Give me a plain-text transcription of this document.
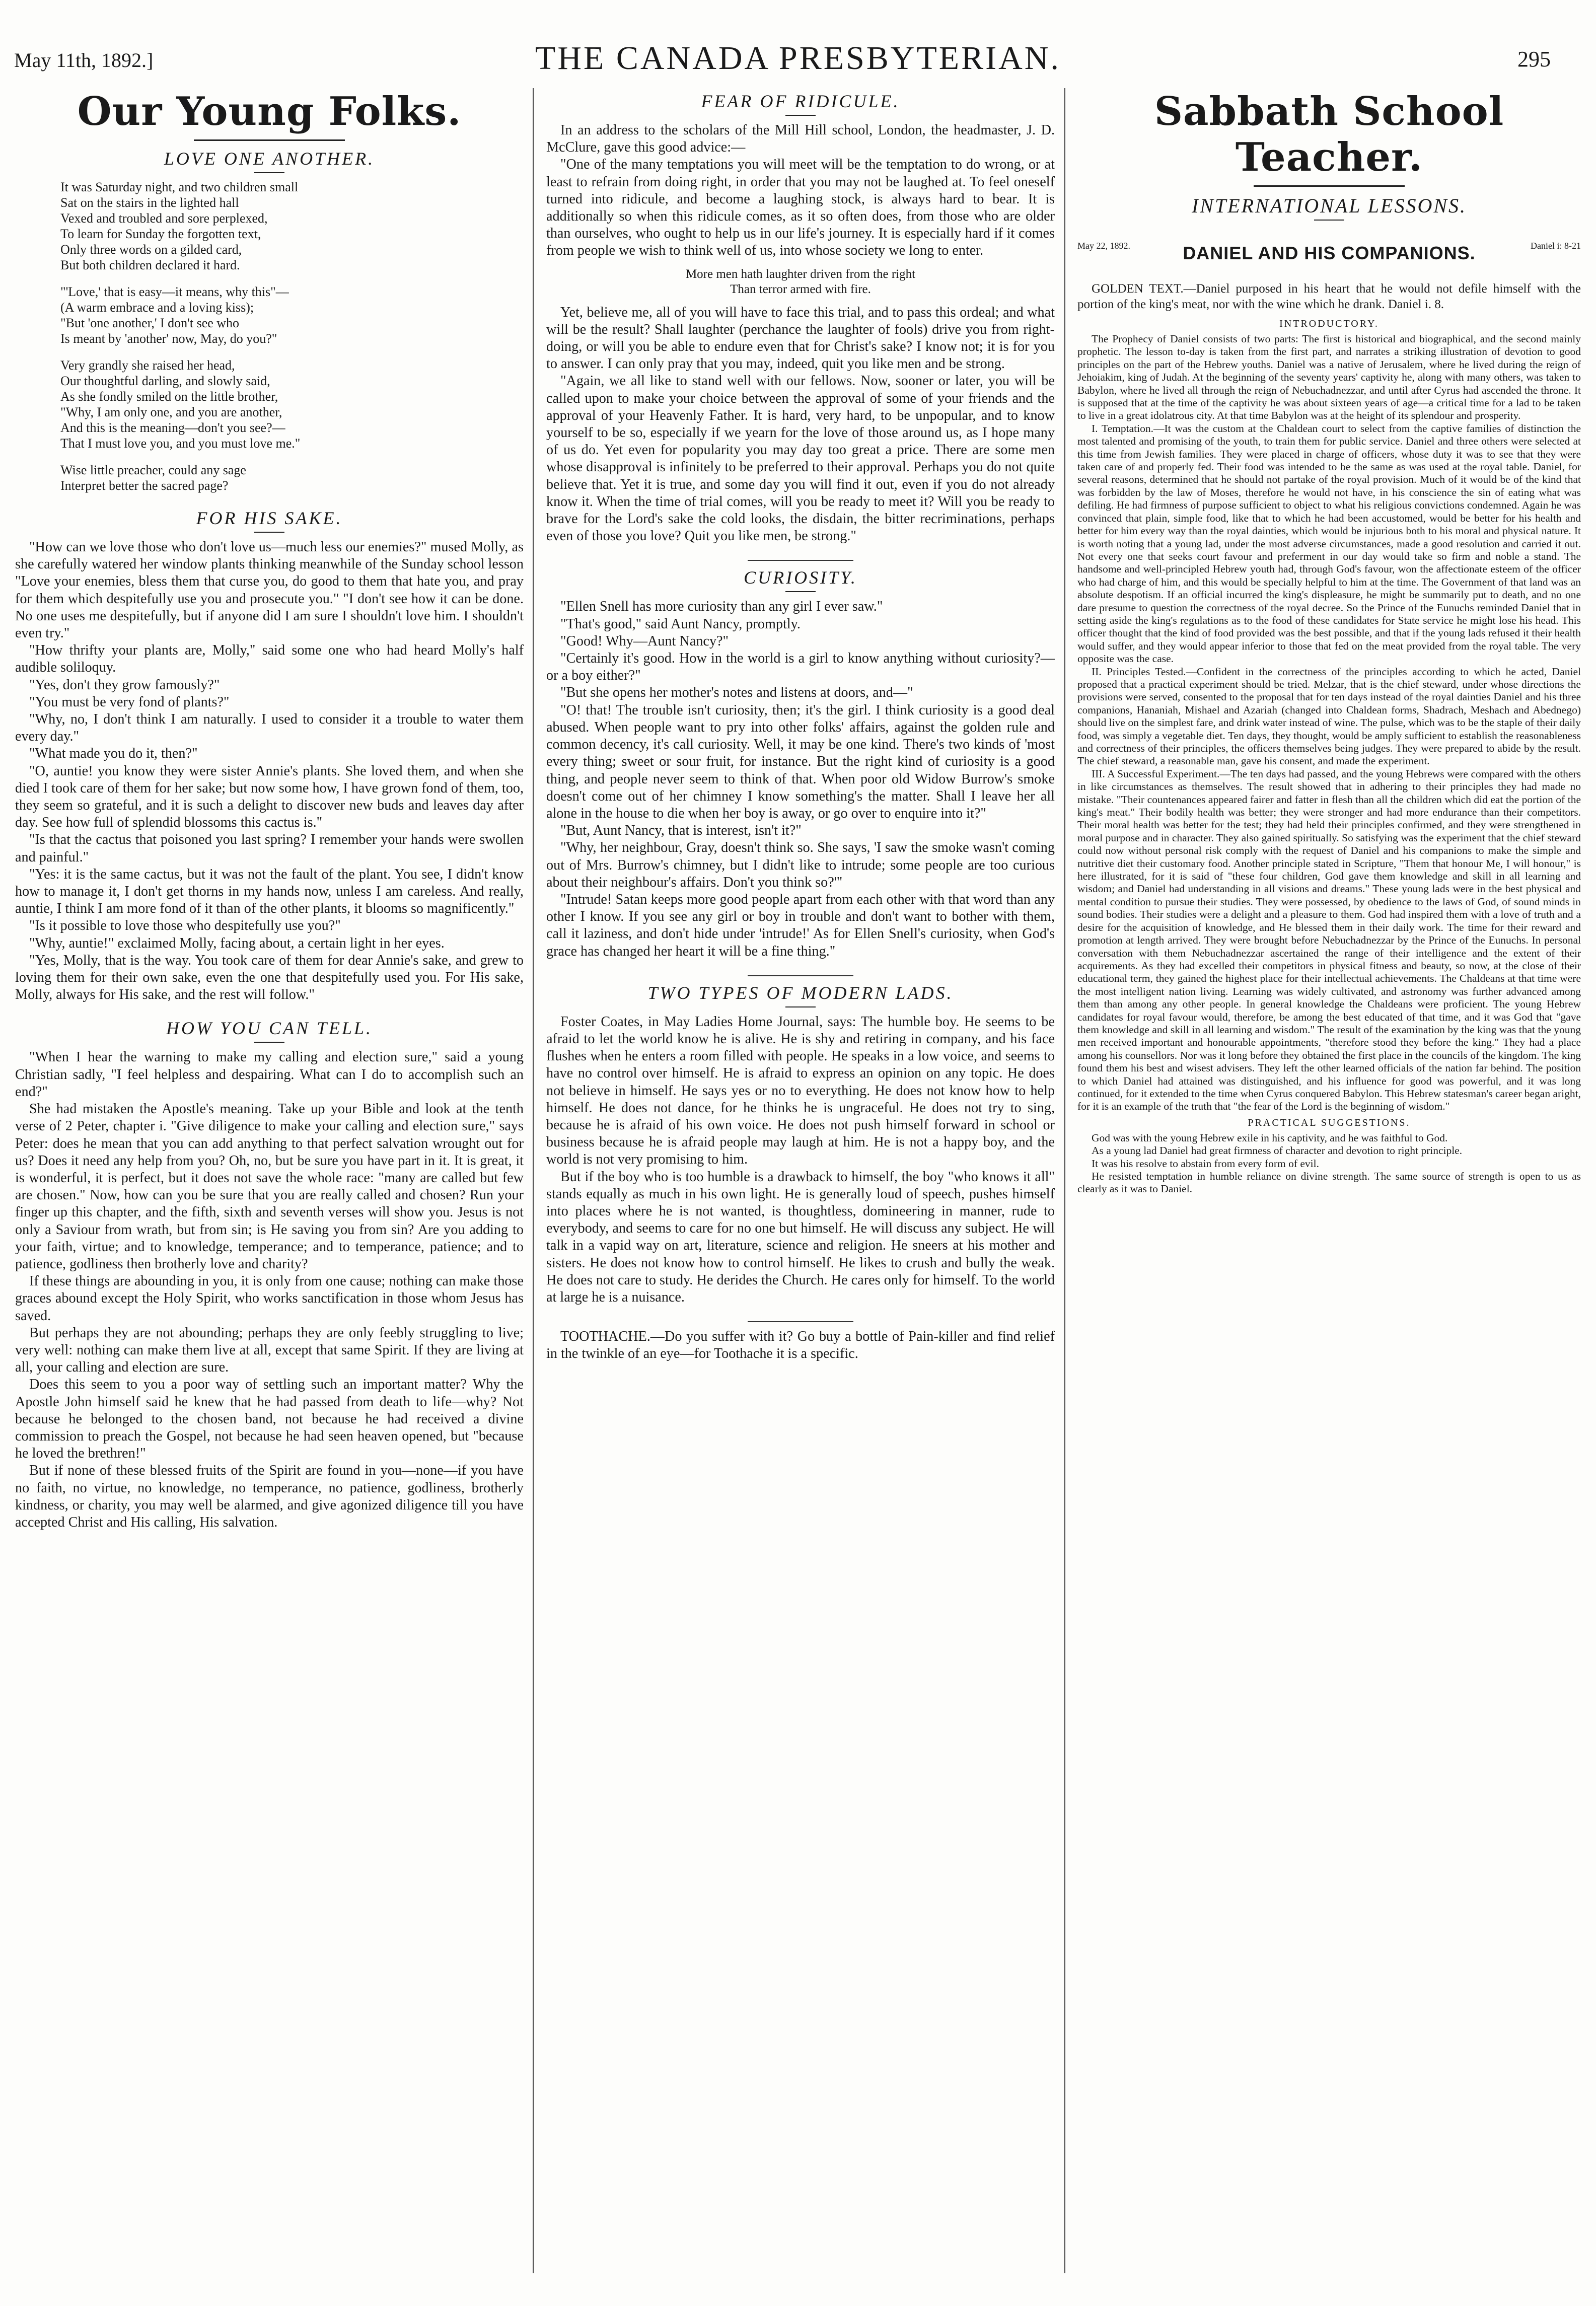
May 11th, 1892.]	THE CANADA PRESBYTERIAN.	295
Our Young Folks.
LOVE ONE ANOTHER.
It was Saturday night, and two children small
Sat on the stairs in the lighted hall
Vexed and troubled and sore perplexed,
To learn for Sunday the forgotten text,
Only three words on a gilded card,
But both children declared it hard.
"'Love,' that is easy—it means, why this"—
(A warm embrace and a loving kiss);
"But 'one another,' I don't see who
Is meant by 'another' now, May, do you?"
Very grandly she raised her head,
Our thoughtful darling, and slowly said,
As she fondly smiled on the little brother,
"Why, I am only one, and you are another,
And this is the meaning—don't you see?—
That I must love you, and you must love me."
Wise little preacher, could any sage
Interpret better the sacred page?
FOR HIS SAKE.

"How can we love those who don't love us—much less our enemies?" mused Molly, as she carefully watered her window plants thinking meanwhile of the Sunday school lesson "Love your enemies, bless them that curse you, do good to them that hate you, and pray for them which despitefully use you and prosecute you." "I don't see how it can be done. No one uses me despitefully, but if anyone did I am sure I shouldn't love him. I shouldn't even try."

"How thrifty your plants are, Molly," said some one who had heard Molly's half audible soliloquy.

"Yes, don't they grow famously?"

"You must be very fond of plants?"

"Why, no, I don't think I am naturally. I used to consider it a trouble to water them every day."

"What made you do it, then?"

"O, auntie! you know they were sister Annie's plants. She loved them, and when she died I took care of them for her sake; but now some how, I have grown fond of them, too, they seem so grateful, and it is such a delight to discover new buds and leaves day after day. See how full of splendid blossoms this cactus is."

"Is that the cactus that poisoned you last spring? I remember your hands were swollen and painful."

"Yes: it is the same cactus, but it was not the fault of the plant. You see, I didn't know how to manage it, I don't get thorns in my hands now, unless I am careless. And really, auntie, I think I am more fond of it than of the other plants, it blooms so magnificently."

"Is it possible to love those who despitefully use you?"

"Why, auntie!" exclaimed Molly, facing about, a certain light in her eyes.

"Yes, Molly, that is the way. You took care of them for dear Annie's sake, and grew to loving them for their own sake, even the one that despitefully used you. For His sake, Molly, always for His sake, and the rest will follow."

HOW YOU CAN TELL.

"When I hear the warning to make my calling and election sure," said a young Christian sadly, "I feel helpless and despairing. What can I do to accomplish such an end?"

She had mistaken the Apostle's meaning. Take up your Bible and look at the tenth verse of 2 Peter, chapter i. "Give diligence to make your calling and election sure," says Peter: does he mean that you can add anything to that perfect salvation wrought out for us? Does it need any help from you? Oh, no, but be sure you have part in it. It is great, it is wonderful, it is perfect, but it does not save the whole race: "many are called but few are chosen." Now, how can you be sure that you are really called and chosen? Run your finger up this chapter, and the fifth, sixth and seventh verses will show you. Jesus is not only a Saviour from wrath, but from sin; is He saving you from sin? Are you adding to your faith, virtue; and to knowledge, temperance; and to temperance, patience; and to patience, godliness then brotherly love and charity?

If these things are abounding in you, it is only from one cause; nothing can make those graces abound except the Holy Spirit, who works sanctification in those whom Jesus has saved.

But perhaps they are not abounding; perhaps they are only feebly struggling to live; very well: nothing can make them live at all, except that same Spirit. If they are living at all, your calling and election are sure.

Does this seem to you a poor way of settling such an important matter? Why the Apostle John himself said he knew that he had passed from death to life—why? Not because he belonged to the chosen band, not because he had received a divine commission to preach the Gospel, not because he had seen heaven opened, but "because he loved the brethren!"

But if none of these blessed fruits of the Spirit are found in you—none—if you have no faith, no virtue, no knowledge, no temperance, no patience, godliness, brotherly kindness, or charity, you may well be alarmed, and give agonized diligence till you have accepted Christ and His calling, His salvation.

FEAR OF RIDICULE.

In an address to the scholars of the Mill Hill school, London, the headmaster, J. D. McClure, gave this good advice:—

"One of the many temptations you will meet will be the temptation to do wrong, or at least to refrain from doing right, in order that you may not be laughed at. To feel oneself turned into ridicule, and become a laughing stock, is always hard to bear. It is additionally so when this ridicule comes, as it so often does, from those who are older than ourselves, who ought to help us in our life's journey. It is especially hard if it comes from people we wish to think well of us, into whose society we long to enter.

More men hath laughter driven from the right
Than terror armed with fire.

Yet, believe me, all of you will have to face this trial, and to pass this ordeal; and what will be the result? Shall laughter (perchance the laughter of fools) drive you from right-doing, or will you be able to endure even that for Christ's sake? I know not; it is for you to answer. I can only pray that you may, indeed, quit you like men and be strong.

"Again, we all like to stand well with our fellows. Now, sooner or later, you will be called upon to make your choice between the approval of some of your friends and the approval of your Heavenly Father. It is hard, very hard, to be unpopular, and to know yourself to be so, especially if we yearn for the love of those around us, as I hope many of us do. Yet even for popularity you may day too great a price. There are some men whose disapproval is infinitely to be preferred to their approval. Perhaps you do not quite believe that. Yet it is true, and some day you will find it out, even if you do not already know it. When the time of trial comes, will you be ready to meet it? Will you be ready to brave for the Lord's sake the cold looks, the disdain, the bitter recriminations, perhaps even of those you love? Quit you like men, be strong."

CURIOSITY.

"Ellen Snell has more curiosity than any girl I ever saw."

"That's good," said Aunt Nancy, promptly.

"Good! Why—Aunt Nancy?"

"Certainly it's good. How in the world is a girl to know anything without curiosity?—or a boy either?"

"But she opens her mother's notes and listens at doors, and—"

"O! that! The trouble isn't curiosity, then; it's the girl. I think curiosity is a good deal abused. When people want to pry into other folks' affairs, against the golden rule and common decency, it's call curiosity. Well, it may be one kind. There's two kinds of 'most every thing; sweet or sour fruit, for instance. But the right kind of curiosity is a good thing, and people never seem to think of that. When poor old Widow Burrow's smoke doesn't come out of her chimney I know something's the matter. Shall I leave her all alone in the house to die when her boy is away, or go over to enquire into it?"

"But, Aunt Nancy, that is interest, isn't it?"

"Why, her neighbour, Gray, doesn't think so. She says, 'I saw the smoke wasn't coming out of Mrs. Burrow's chimney, but I didn't like to intrude; some people are too curious about their neighbour's affairs. Don't you think so?'"

"Intrude! Satan keeps more good people apart from each other with that word than any other I know. If you see any girl or boy in trouble and don't want to bother with them, call it laziness, and don't hide under 'intrude!' As for Ellen Snell's curiosity, when God's grace has changed her heart it will be a fine thing."

TWO TYPES OF MODERN LADS.

Foster Coates, in May Ladies Home Journal, says: The humble boy. He seems to be afraid to let the world know he is alive. He is shy and retiring in company, and his face flushes when he enters a room filled with people. He speaks in a low voice, and seems to have no control over himself. He is afraid to express an opinion on any topic. He does not believe in himself. He says yes or no to everything. He does not know how to help himself. He does not dance, for he thinks he is ungraceful. He does not try to sing, because he is afraid of his own voice. He does not push himself forward in school or business because he is afraid people may laugh at him. He is not a happy boy, and the world is not very promising to him.

But if the boy who is too humble is a drawback to himself, the boy "who knows it all" stands equally as much in his own light. He is generally loud of speech, pushes himself into places where he is not wanted, is thoughtless, domineering in manner, rude to everybody, and seems to care for no one but himself. He will discuss any subject. He will talk in a vapid way on art, literature, science and religion. He sneers at his mother and sisters. He does not know how to control himself. He likes to crush and bully the weak. He does not care to study. He derides the Church. He cares only for himself. To the world at large he is a nuisance.

TOOTHACHE.—Do you suffer with it? Go buy a bottle of Pain-killer and find relief in the twinkle of an eye—for Toothache it is a specific.

Sabbath School Teacher.
INTERNATIONAL LESSONS.
May 22, 1892.	DANIEL AND HIS COMPANIONS.	Daniel i: 8-21

GOLDEN TEXT.—Daniel purposed in his heart that he would not defile himself with the portion of the king's meat, nor with the wine which he drank. Daniel i. 8.

INTRODUCTORY.

The Prophecy of Daniel consists of two parts: The first is historical and biographical, and the second mainly prophetic. The lesson to-day is taken from the first part, and narrates a striking illustration of devotion to good principles on the part of the Hebrew youths. Daniel was a native of Jerusalem, where he lived during the reign of Jehoiakim, king of Judah. At the beginning of the seventy years' captivity he, along with many others, was taken to Babylon, where he lived all through the reign of Nebuchadnezzar, and until after Cyrus had ascended the throne. It is supposed that at the time of the captivity he was about sixteen years of age—a critical time for a lad to be taken to live in a great idolatrous city. At that time Babylon was at the height of its splendour and prosperity.

I. Temptation.—It was the custom at the Chaldean court to select from the captive families of distinction the most talented and promising of the youth, to train them for public service. Daniel and three others were selected at this time from Jewish families. They were placed in charge of officers, whose duty it was to see that they were taken care of and properly fed. Their food was intended to be the same as was used at the royal table. Daniel, for several reasons, determined that he should not partake of the royal provision. Much of it would be of the kind that was forbidden by the law of Moses, therefore he would not have, in his conscience the sin of eating what was defiling. He had firmness of purpose sufficient to object to what his religious convictions condemned. Again he was convinced that plain, simple food, like that to which he had been accustomed, would be better for his health and better for him every way than the royal dainties, which would be injurious both to his moral and physical nature. It is worth noting that a young lad, under the most adverse circumstances, made a good resolution and carried it out. Not every one that seeks court favour and preferment in our day would take so firm and noble a stand. The handsome and well-principled Hebrew youth had, through God's favour, won the affectionate esteem of the officer who had charge of him, and this would be specially helpful to him at the time. The Government of that land was an absolute despotism. If an official incurred the king's displeasure, he might be summarily put to death, and no one dare presume to question the correctness of the royal decree. So the Prince of the Eunuchs reminded Daniel that in setting aside the king's regulations as to the food of these candidates for State service he might lose his head. This officer thought that the kind of food provided was the best possible, and that if the young lads refused it their health would suffer, and they would appear inferior to those that fed on the meat provided from the royal table. The very opposite was the case.

II. Principles Tested.—Confident in the correctness of the principles according to which he acted, Daniel proposed that a practical experiment should be tried. Melzar, that is the chief steward, under whose directions the provisions were served, consented to the proposal that for ten days instead of the royal dainties Daniel and his three companions, Hananiah, Mishael and Azariah (changed into Chaldean forms, Shadrach, Meshach and Abednego) should live on the simplest fare, and drink water instead of wine. The pulse, which was to be the staple of their daily food, was simply a vegetable diet. Ten days, they thought, would be amply sufficient to establish the reasonableness and correctness of their principles, the officers themselves being judges. They were prepared to abide by the result. The chief steward, a reasonable man, gave his consent, and made the experiment.

III. A Successful Experiment.—The ten days had passed, and the young Hebrews were compared with the others in like circumstances as themselves. The result showed that in adhering to their principles they had made no mistake. "Their countenances appeared fairer and fatter in flesh than all the children which did eat the portion of the king's meat." Their bodily health was better; they were stronger and had more endurance than their competitors. Their moral health was better for the test; they had held their principles confirmed, and they were strengthened in moral purpose and in character. They also gained spiritually. So satisfying was the experiment that the chief steward could now without personal risk comply with the request of Daniel and his companions to make the simple and nutritive diet their customary food. Another principle stated in Scripture, "Them that honour Me, I will honour," is here illustrated, for it is said of "these four children, God gave them knowledge and skill in all learning and wisdom; and Daniel had understanding in all visions and dreams." These young lads were in the best physical and mental condition to pursue their studies. They were possessed, by obedience to the laws of God, of sound minds in sound bodies. Their studies were a delight and a pleasure to them. God had inspired them with a love of truth and a desire for the acquisition of knowledge, and He blessed them in their daily work. The time for their reward and promotion at length arrived. They were brought before Nebuchadnezzar by the Prince of the Eunuchs. In personal conversation with them Nebuchadnezzar ascertained the range of their intelligence and the extent of their acquirements. As they had excelled their competitors in physical fitness and beauty, so now, at the close of their educational term, they gained the highest place for their intellectual achievements. The Chaldeans at that time were the most intelligent nation living. Learning was widely cultivated, and astronomy was further advanced among them than among any other people. In general knowledge the Chaldeans were proficient. The young Hebrew candidates for royal favour would, therefore, be among the best educated of that time, and it was God that "gave them knowledge and skill in all learning and wisdom." The result of the examination by the king was that the young men received important and honourable appointments, "therefore stood they before the king." They had a place among his counsellors. Nor was it long before they obtained the first place in the councils of the kingdom. The king found them his best and wisest advisers. They left the other learned officials of the nation far behind. The position to which Daniel had attained was distinguished, and his influence for good was powerful, and it was long continued, for it extended to the time when Cyrus conquered Babylon. This Hebrew statesman's career began aright, for it is an example of the truth that "the fear of the Lord is the beginning of wisdom."

PRACTICAL SUGGESTIONS.

God was with the young Hebrew exile in his captivity, and he was faithful to God.

As a young lad Daniel had great firmness of character and devotion to right principle.

It was his resolve to abstain from every form of evil.

He resisted temptation in humble reliance on divine strength. The same source of strength is open to us as clearly as it was to Daniel.
